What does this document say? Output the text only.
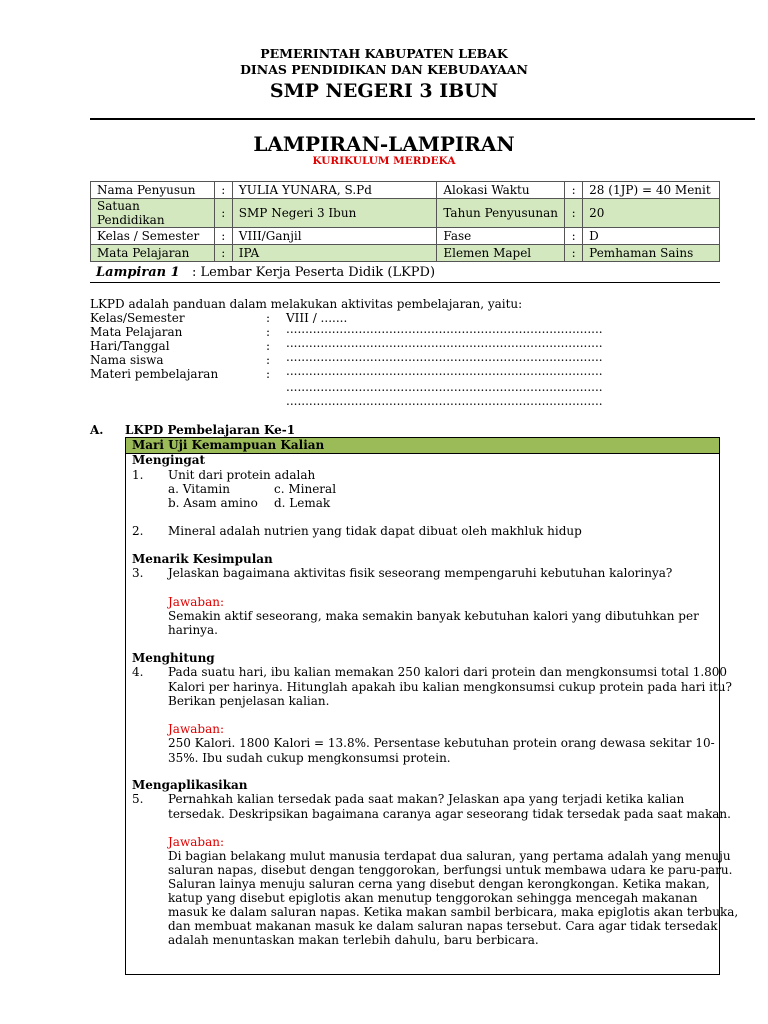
PEMERINTAH KABUPATEN LEBAK
DINAS PENDIDIKAN DAN KEBUDAYAAN
SMP NEGERI 3 IBUN
LAMPIRAN-LAMPIRAN
KURIKULUM MERDEKA
Nama Penyusun	:	YULIA YUNARA, S.Pd	Alokasi Waktu	:	28 (1JP) = 40 Menit
Satuan Pendidikan	:	SMP Negeri 3 Ibun	Tahun Penyusunan	:	20
Kelas / Semester	:	VIII/Ganjil	Fase	:	D
Mata Pelajaran	:	IPA	Elemen Mapel	:	Pemhaman Sains
Lampiran 1 : Lembar Kerja Peserta Didik (LKPD)
LKPD adalah panduan dalam melakukan aktivitas pembelajaran, yaitu:
Kelas/Semester	: VIII / .......
Mata Pelajaran	: ...................................................................................
Hari/Tanggal	: ...................................................................................
Nama siswa	: ...................................................................................
Materi pembelajaran	: ...................................................................................
...................................................................................
...................................................................................
A. LKPD Pembelajaran Ke-1
Mari Uji Kemampuan Kalian
Mengingat
1. Unit dari protein adalah
a. Vitamin	c. Mineral
b. Asam amino d. Lemak
2. Mineral adalah nutrien yang tidak dapat dibuat oleh makhluk hidup
Menarik Kesimpulan
3. Jelaskan bagaimana aktivitas fisik seseorang mempengaruhi kebutuhan kalorinya?
Jawaban:
Semakin aktif seseorang, maka semakin banyak kebutuhan kalori yang dibutuhkan per
harinya.
Menghitung
4. Pada suatu hari, ibu kalian memakan 250 kalori dari protein dan mengkonsumsi total 1.800
Kalori per harinya. Hitunglah apakah ibu kalian mengkonsumsi cukup protein pada hari itu?
Berikan penjelasan kalian.
Jawaban:
250 Kalori. 1800 Kalori = 13.8%. Persentase kebutuhan protein orang dewasa sekitar 10-
35%. Ibu sudah cukup mengkonsumsi protein.
Mengaplikasikan
5. Pernahkah kalian tersedak pada saat makan? Jelaskan apa yang terjadi ketika kalian
tersedak. Deskripsikan bagaimana caranya agar seseorang tidak tersedak pada saat makan.
Jawaban:
Di bagian belakang mulut manusia terdapat dua saluran, yang pertama adalah yang menuju
saluran napas, disebut dengan tenggorokan, berfungsi untuk membawa udara ke paru-paru.
Saluran lainya menuju saluran cerna yang disebut dengan kerongkongan. Ketika makan,
katup yang disebut epiglotis akan menutup tenggorokan sehingga mencegah makanan
masuk ke dalam saluran napas. Ketika makan sambil berbicara, maka epiglotis akan terbuka,
dan membuat makanan masuk ke dalam saluran napas tersebut. Cara agar tidak tersedak
adalah menuntaskan makan terlebih dahulu, baru berbicara.
